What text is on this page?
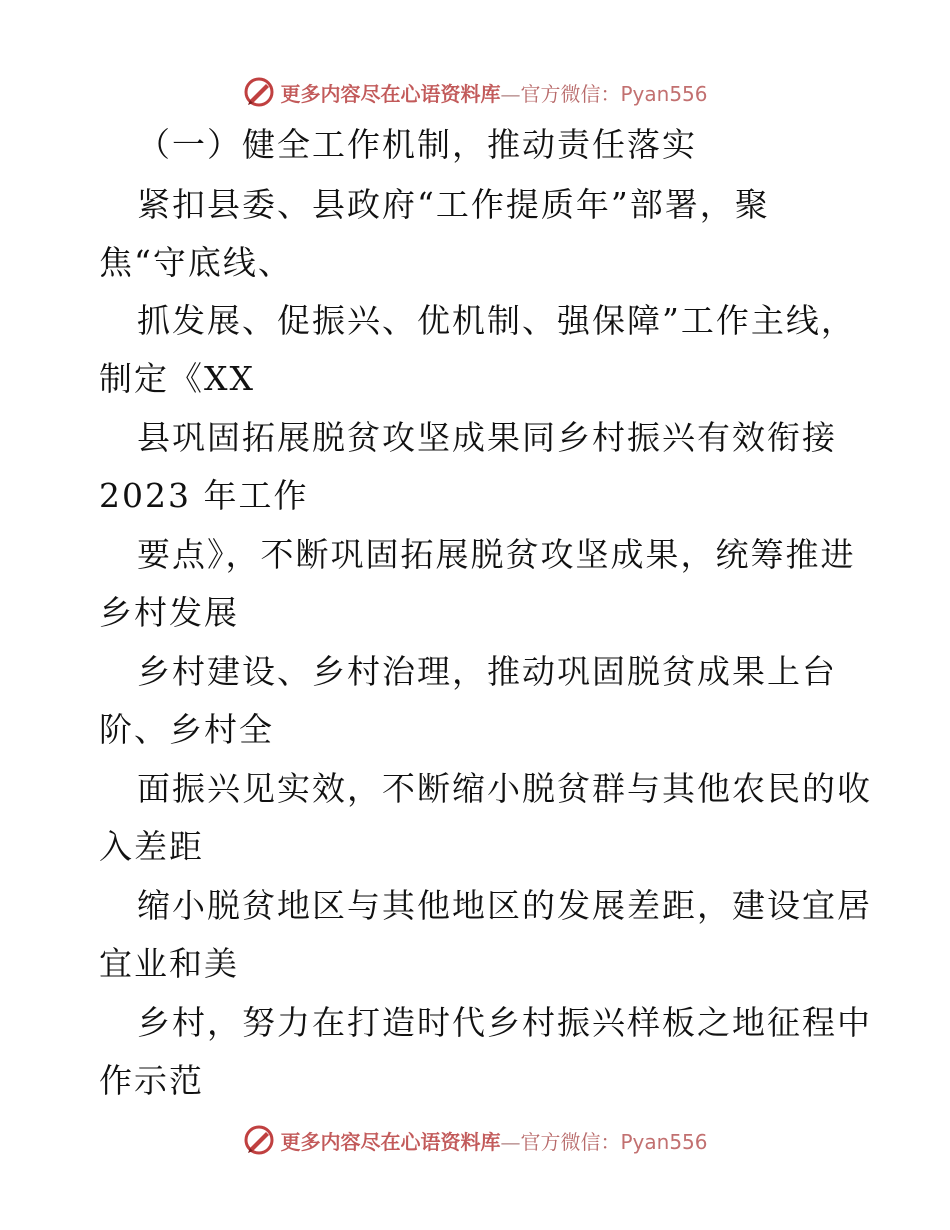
更多内容尽在心语资料库—官方微信：Pyan556
（一）健全工作机制，推动责任落实
紧扣县委、县政府“工作提质年”部署，聚
焦“守底线、
抓发展、促振兴、优机制、强保障”工作主线，
制定《XX
县巩固拓展脱贫攻坚成果同乡村振兴有效衔接
2023 年工作
要点》，不断巩固拓展脱贫攻坚成果，统筹推进
乡村发展
乡村建设、乡村治理，推动巩固脱贫成果上台
阶、乡村全
面振兴见实效，不断缩小脱贫群与其他农民的收
入差距
缩小脱贫地区与其他地区的发展差距，建设宜居
宜业和美
乡村，努力在打造时代乡村振兴样板之地征程中
作示范
更多内容尽在心语资料库—官方微信：Pyan556
